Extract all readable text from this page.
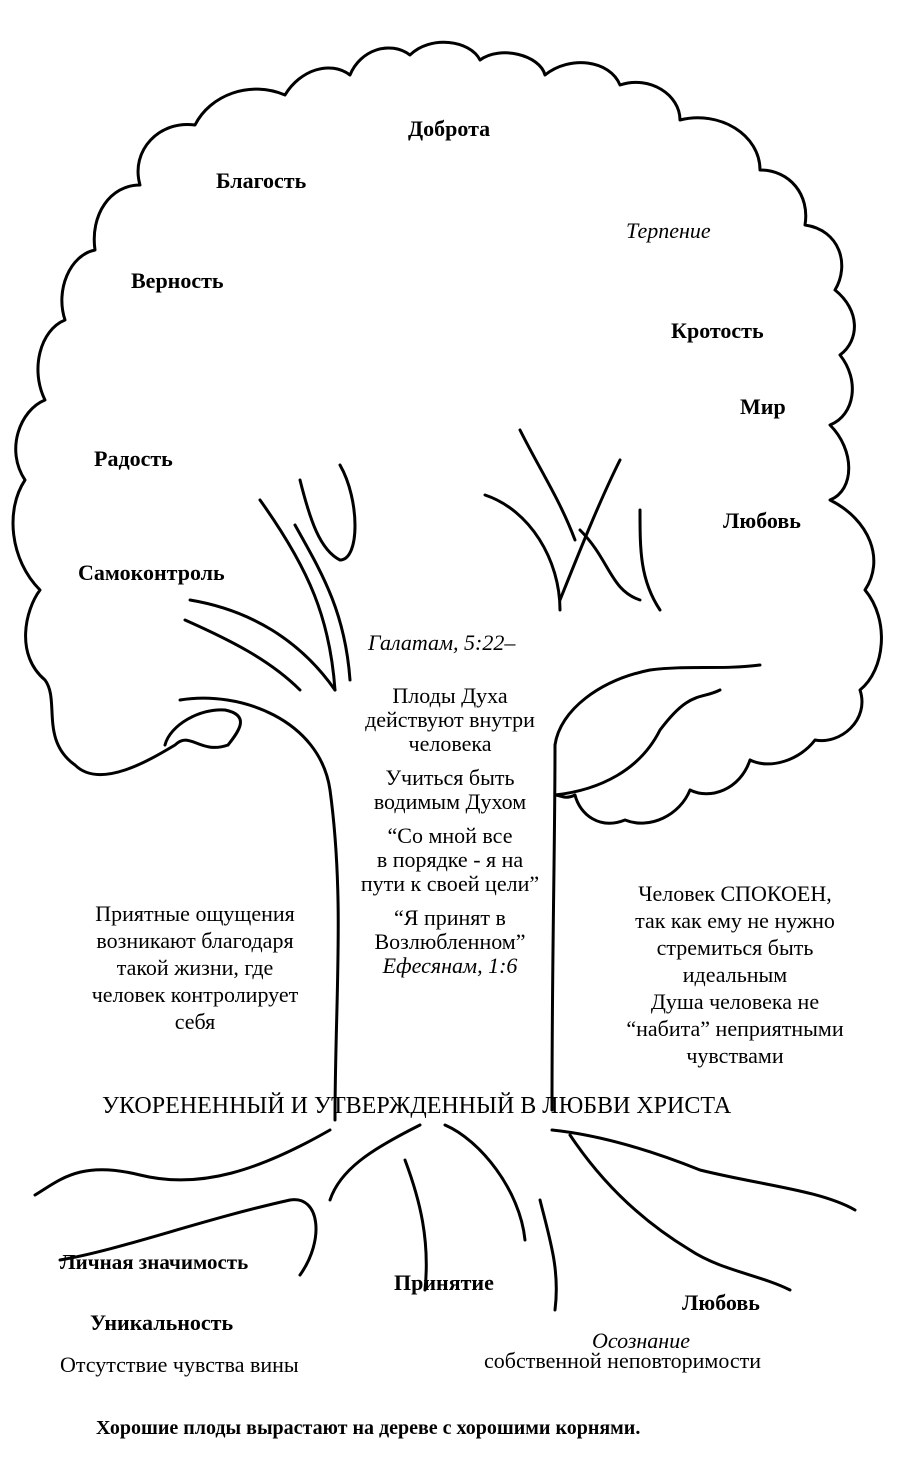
Доброта
Благость
Терпение
Верность
Кротость
Мир
Радость
Любовь
Самоконтроль
Галатам, 5:22–
Плоды Духа
действуют внутри
человека
Учиться быть
водимым Духом
“Со мной все
в порядке - я на
пути к своей цели”
“Я принят в
Возлюбленном”
Ефесянам, 1:6
Приятные ощущения
возникают благодаря
такой жизни, где
человек контролирует
себя
Человек СПОКОЕН,
так как ему не нужно
стремиться быть
идеальным
Душа человека не
“набита” неприятными
чувствами
УКОРЕНЕННЫЙ И УТВЕРЖДЕННЫЙ В ЛЮБВИ ХРИСТА
Личная значимость
Принятие
Любовь
Уникальность
Осознание
собственной неповторимости
Отсутствие чувства вины
Хорошие плоды вырастают на дереве с хорошими корнями.
